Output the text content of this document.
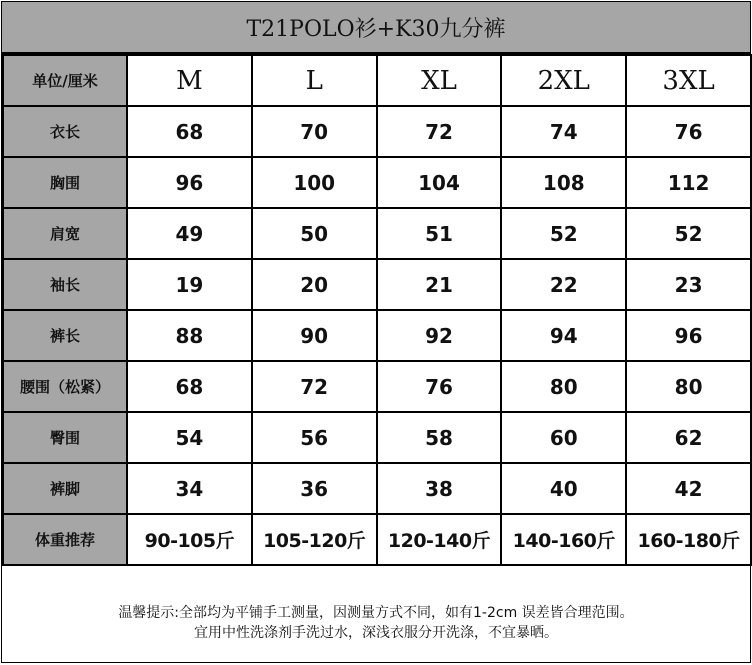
T21POLO衫+K30九分裤
单位/厘米	M	L	XL	2XL	3XL
衣长	68	70	72	74	76
胸围	96	100	104	108	112
肩宽	49	50	51	52	52
袖长	19	20	21	22	23
裤长	88	90	92	94	96
腰围（松紧）	68	72	76	80	80
臀围	54	56	58	60	62
裤脚	34	36	38	40	42
体重推荐	90-105斤	105-120斤	120-140斤	140-160斤	160-180斤
温馨提示:全部均为平铺手工测量，因测量方式不同，如有1-2cm 误差皆合理范围。
宜用中性洗涤剂手洗过水，深浅衣服分开洗涤，不宜暴晒。
